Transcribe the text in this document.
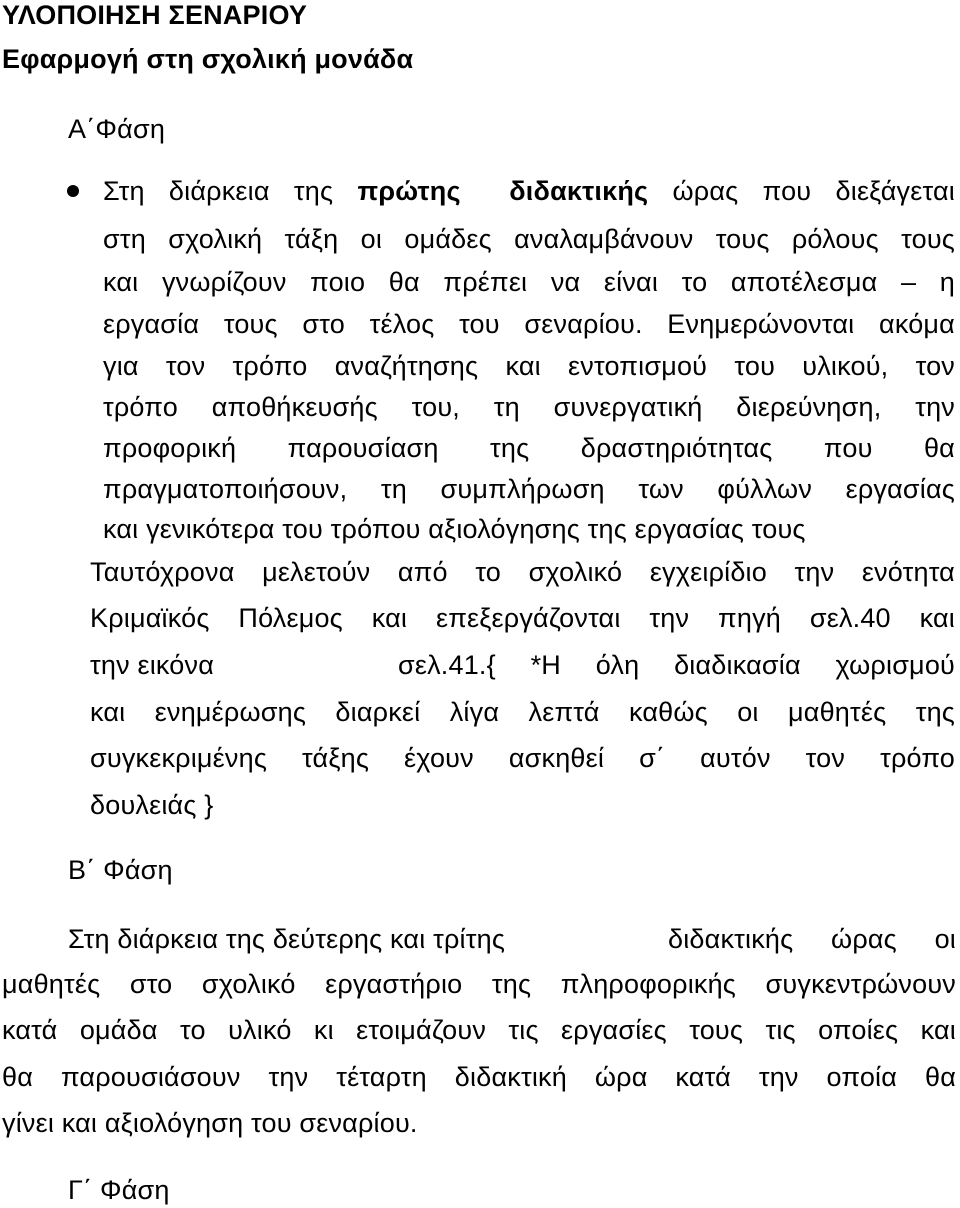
ΥΛΟΠΟΙΗΣΗ ΣΕΝΑΡΙΟΥ
Εφαρμογή στη σχολική μονάδα
Α΄Φάση
Στη διάρκεια της πρώτης διδακτικής ώρας που διεξάγεται
στη σχολική τάξη οι ομάδες αναλαμβάνουν τους ρόλους τους
και γνωρίζουν ποιο θα πρέπει να είναι το αποτέλεσμα – η
εργασία τους στο τέλος του σεναρίου. Ενημερώνονται ακόμα
για τον τρόπο αναζήτησης και εντοπισμού του υλικού, τον
τρόπο αποθήκευσής του, τη συνεργατική διερεύνηση, την
προφορική παρουσίαση της δραστηριότητας που θα
πραγματοποιήσουν, τη συμπλήρωση των φύλλων εργασίας
και γενικότερα του τρόπου αξιολόγησης της εργασίας τους
Ταυτόχρονα μελετούν από το σχολικό εγχειρίδιο την ενότητα
Κριμαϊκός Πόλεμος και επεξεργάζονται την πηγή σελ.40 και
την εικόνα	σελ.41.{ *Η όλη διαδικασία χωρισμού
και ενημέρωσης διαρκεί λίγα λεπτά καθώς οι μαθητές της
συγκεκριμένης τάξης έχουν ασκηθεί σ΄ αυτόν τον τρόπο
δουλειάς }
Β΄ Φάση
Στη διάρκεια της δεύτερης και τρίτης	διδακτικής ώρας οι
μαθητές στο σχολικό εργαστήριο της πληροφορικής συγκεντρώνουν
κατά ομάδα το υλικό κι ετοιμάζουν τις εργασίες τους τις οποίες και
θα παρουσιάσουν την τέταρτη διδακτική ώρα κατά την οποία θα
γίνει και αξιολόγηση του σεναρίου.
Γ΄ Φάση
